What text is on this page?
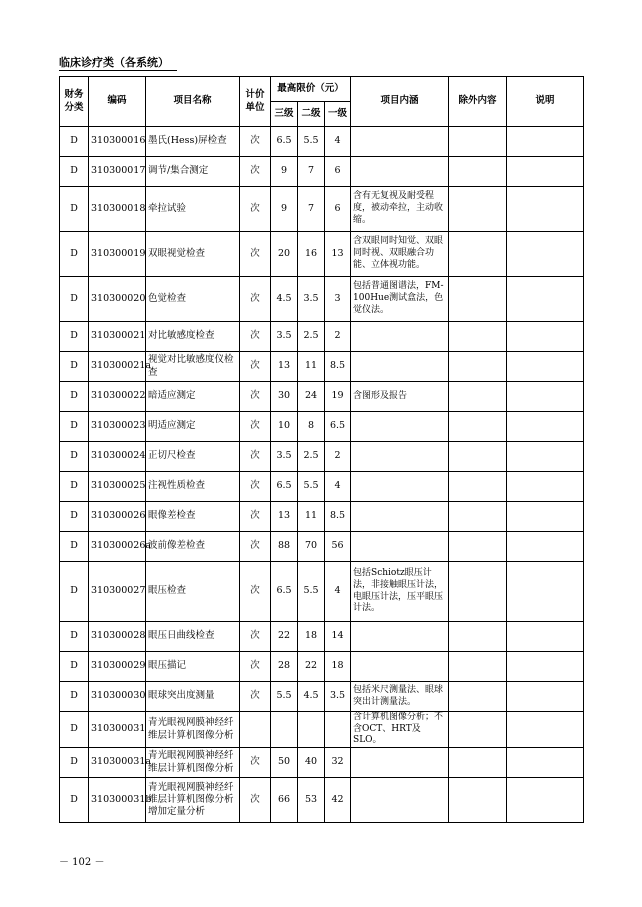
临床诊疗类（各系统）
财务分类	编码	项目名称	计价单位	最高限价（元）			项目内涵	除外内容	说明
				三级	二级	一级			
D	310300016	墨氏(Hess)屏检查	次	6.5	5.5	4			
D	310300017	调节/集合测定	次	9	7	6			
D	310300018	牵拉试验	次	9	7	6	含有无复视及耐受程度，被动牵拉，主动收缩。		
D	310300019	双眼视觉检查	次	20	16	13	含双眼同时知觉、双眼同时视、双眼融合功能、立体视功能。		
D	310300020	色觉检查	次	4.5	3.5	3	包括普通图谱法，FM-100Hue测试盒法，色觉仪法。		
D	310300021	对比敏感度检查	次	3.5	2.5	2			
D	310300021a	视觉对比敏感度仪检查	次	13	11	8.5			
D	310300022	暗适应测定	次	30	24	19	含图形及报告		
D	310300023	明适应测定	次	10	8	6.5			
D	310300024	正切尺检查	次	3.5	2.5	2			
D	310300025	注视性质检查	次	6.5	5.5	4			
D	310300026	眼像差检查	次	13	11	8.5			
D	310300026a	波前像差检查	次	88	70	56			
D	310300027	眼压检查	次	6.5	5.5	4	包括Schiotz眼压计法，非接触眼压计法，电眼压计法，压平眼压计法。		
D	310300028	眼压日曲线检查	次	22	18	14			
D	310300029	眼压描记	次	28	22	18			
D	310300030	眼球突出度测量	次	5.5	4.5	3.5	包括米尺测量法、眼球突出计测量法。		
D	310300031	青光眼视网膜神经纤维层计算机图像分析					含计算机图像分析；不含OCT、HRT及SLO。		
D	310300031a	青光眼视网膜神经纤维层计算机图像分析	次	50	40	32			
D	310300031b	青光眼视网膜神经纤维层计算机图像分析增加定量分析	次	66	53	42			
－ 102 －
